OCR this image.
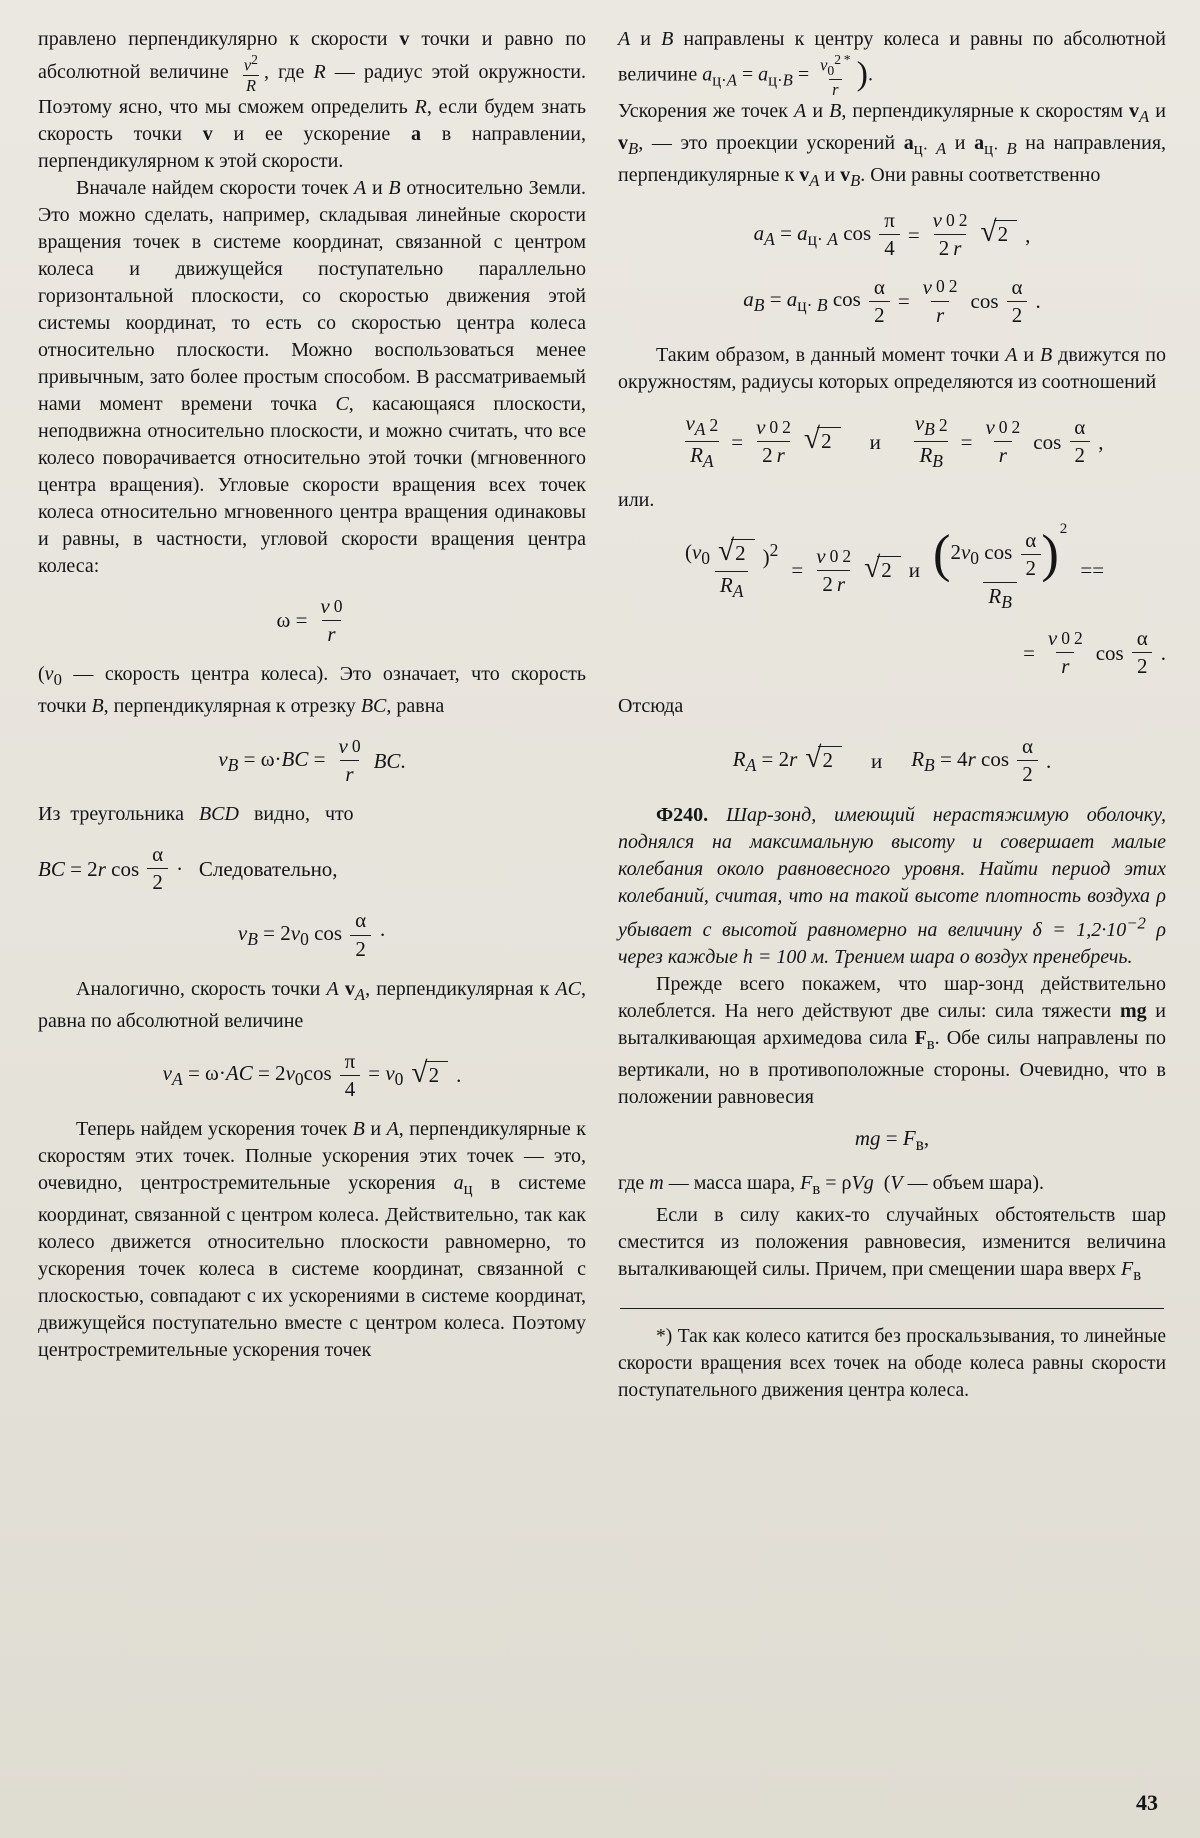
правлено перпендикулярно к скорости v точки и равно по абсолютной величине $\frac{v^2}{R}$ , где R — радиус этой окружности. Поэтому ясно, что мы сможем определить R, если будем знать скорость точки v и ее ускорение a в направлении, перпендикулярном к этой скорости.

Вначале найдем скорости точек A и B относительно Земли. Это можно сделать, например, складывая линейные скорости вращения точек в системе координат, связанной с центром колеса и движущейся поступательно параллельно горизонтальной плоскости, со скоростью движения этой системы координат, то есть со скоростью центра колеса относительно плоскости. Можно воспользоваться менее привычным, зато более простым способом. В рассматриваемый нами момент времени точка C, касающаяся плоскости, неподвижна относительно плоскости, и можно считать, что все колесо поворачивается относительно этой точки (мгновенного центра вращения). Угловые скорости вращения всех точек колеса относительно мгновенного центра вращения одинаковы и равны, в частности, угловой скорости вращения центра колеса:

$\omega = \frac{v 0}{r}$

($v_0$ — скорость центра колеса). Это означает, что скорость точки B, перпендикулярная к отрезку BC, равна

$v_B = \omega\cdot BC = \frac{v 0}{r}$ BC.

Из  треугольника   BCD   видно,   что

BC = 2r $\cos \frac{\alpha}{2}$ ·  Следовательно,
$v_B = 2v_0$ $\cos \frac{\alpha}{2}$ ·

Аналогично, скорость точки A $v_A$, перпендикулярная к AC, равна по абсолютной величине

$v_A = \omega\cdot AC = 2v_0\cos \frac{\pi}{4} = v_0$ √ 2 .

Теперь найдем ускорения точек B и A, перпендикулярные к скоростям этих точек. Полные ускорения этих точек — это, очевидно, центростремительные ускорения $a_ц$ в системе координат, связанной с центром колеса. Действительно, так как колесо движется относительно плоскости равномерно, то ускорения точек колеса в системе координат, связанной с плоскостью, совпадают с их ускорениями в системе координат, движущейся поступательно вместе с центром колеса. Поэтому центростремительные ускорения точек

A и B направлены к центру колеса и равны по абсолютной величине $a_{ц\cdot A} = a_{ц\cdot B} = \frac{v_0^{2 *}}{r}$ ).

Ускорения же точек A и B, перпендикулярные к скоростям $v_A$ и $v_B$, — это проекции ускорений $a_{ц\cdot A}$ и $a_{ц\cdot B}$ на направления, перпендикулярные к $v_A$ и $v_B$. Они равны соответственно

$a_A = a_{ц\cdot A}$ $\cos \frac{\pi}{4} = \frac{v 0 2}{2 r}$ √ 2 ,
$a_B = a_{ц\cdot B}$ $\cos \frac{\alpha}{2} = \frac{v 0 2}{r}$ $\cos \frac{\alpha}{2}$ .

Таким образом, в данный момент точки A и B движутся по окружностям, радиусы которых определяются из соотношений

$\frac{v_A 2}{R_A} = \frac{v 0 2}{2 r}$ √ 2  и  $\frac{v_B 2}{R_B} = \frac{v 0 2}{r}$ $\cos \frac{\alpha}{2}$ ,

или.

$\frac{(v_0 √ 2 )^2}{R_A} = \frac{v 0 2}{2 r}$ √ 2 и $\frac{( 2v_0 \cos \frac{\alpha}{2} ) 2}{R_B}$ ==
= $\frac{v 0 2}{r}$ $\cos \frac{\alpha}{2}$ .

Отсюда

$R_A = 2r$ √ 2  и  $R_B = 4r$ $\cos \frac{\alpha}{2}$ .

Ф240. Шар-зонд, имеющий нерастяжимую оболочку, поднялся на максимальную высоту и совершает малые колебания около равновесного уровня. Найти период этих колебаний, считая, что на такой высоте плотность воздуха ρ убывает с высотой равномерно на величину $\delta = 1,2\cdot 10^{-2}$ ρ через каждые h = 100 м. Трением шара о воздух пренебречь.

Прежде всего покажем, что шар-зонд действительно колеблется. На него действуют две силы: сила тяжести mg и выталкивающая архимедова сила $F_в$. Обе силы направлены по вертикали, но в противоположные стороны. Очевидно, что в положении равновесия

mg = $F_в$,

где m — масса шара, $F_в = \rho Vg$  (V — объем шара).

Если в силу каких-то случайных обстоятельств шар сместится из положения равновесия, изменится величина выталкивающей силы. Причем, при смещении шара вверх $F_в$

*) Так как колесо катится без проскальзывания, то линейные скорости вращения всех точек на ободе колеса равны скорости поступательного движения центра колеса.

43
